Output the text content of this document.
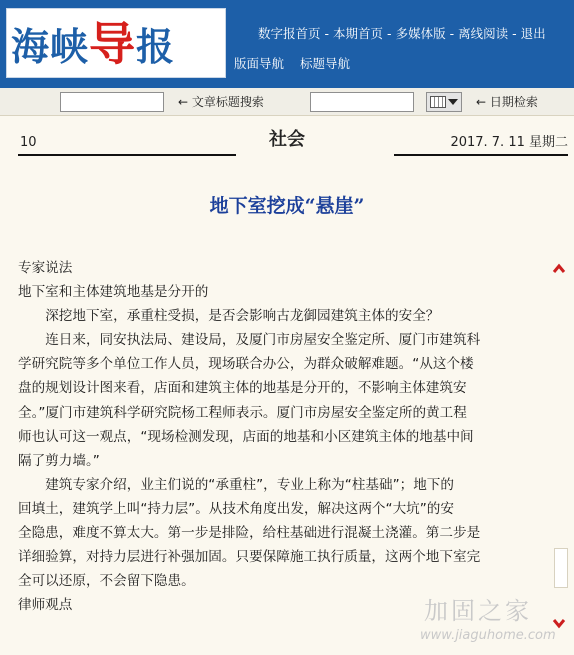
海峡导报	数字报首页 - 本期首页 - 多媒体版 - 离线阅读 - 退出
版面导航 标题导航
← 文章标题搜索	← 日期检索
10	社会	2017. 7. 11 星期二
地下室挖成“悬崖”
专家说法
地下室和主体建筑地基是分开的
深挖地下室，承重柱受损，是否会影响古龙御园建筑主体的安全？
连日来，同安执法局、建设局，及厦门市房屋安全鉴定所、厦门市建筑科
学研究院等多个单位工作人员，现场联合办公，为群众破解难题。“从这个楼
盘的规划设计图来看，店面和建筑主体的地基是分开的，不影响主体建筑安
全。”厦门市建筑科学研究院杨工程师表示。厦门市房屋安全鉴定所的黄工程
师也认可这一观点，“现场检测发现，店面的地基和小区建筑主体的地基中间
隔了剪力墙。”
建筑专家介绍，业主们说的“承重柱”，专业上称为“柱基础”；地下的
回填土，建筑学上叫“持力层”。从技术角度出发，解决这两个“大坑”的安
全隐患，难度不算太大。第一步是排险，给柱基础进行混凝土浇灌。第二步是
详细验算，对持力层进行补强加固。只要保障施工执行质量，这两个地下室完
全可以还原，不会留下隐患。
律师观点	加固之家
www.jiaguhome.com
